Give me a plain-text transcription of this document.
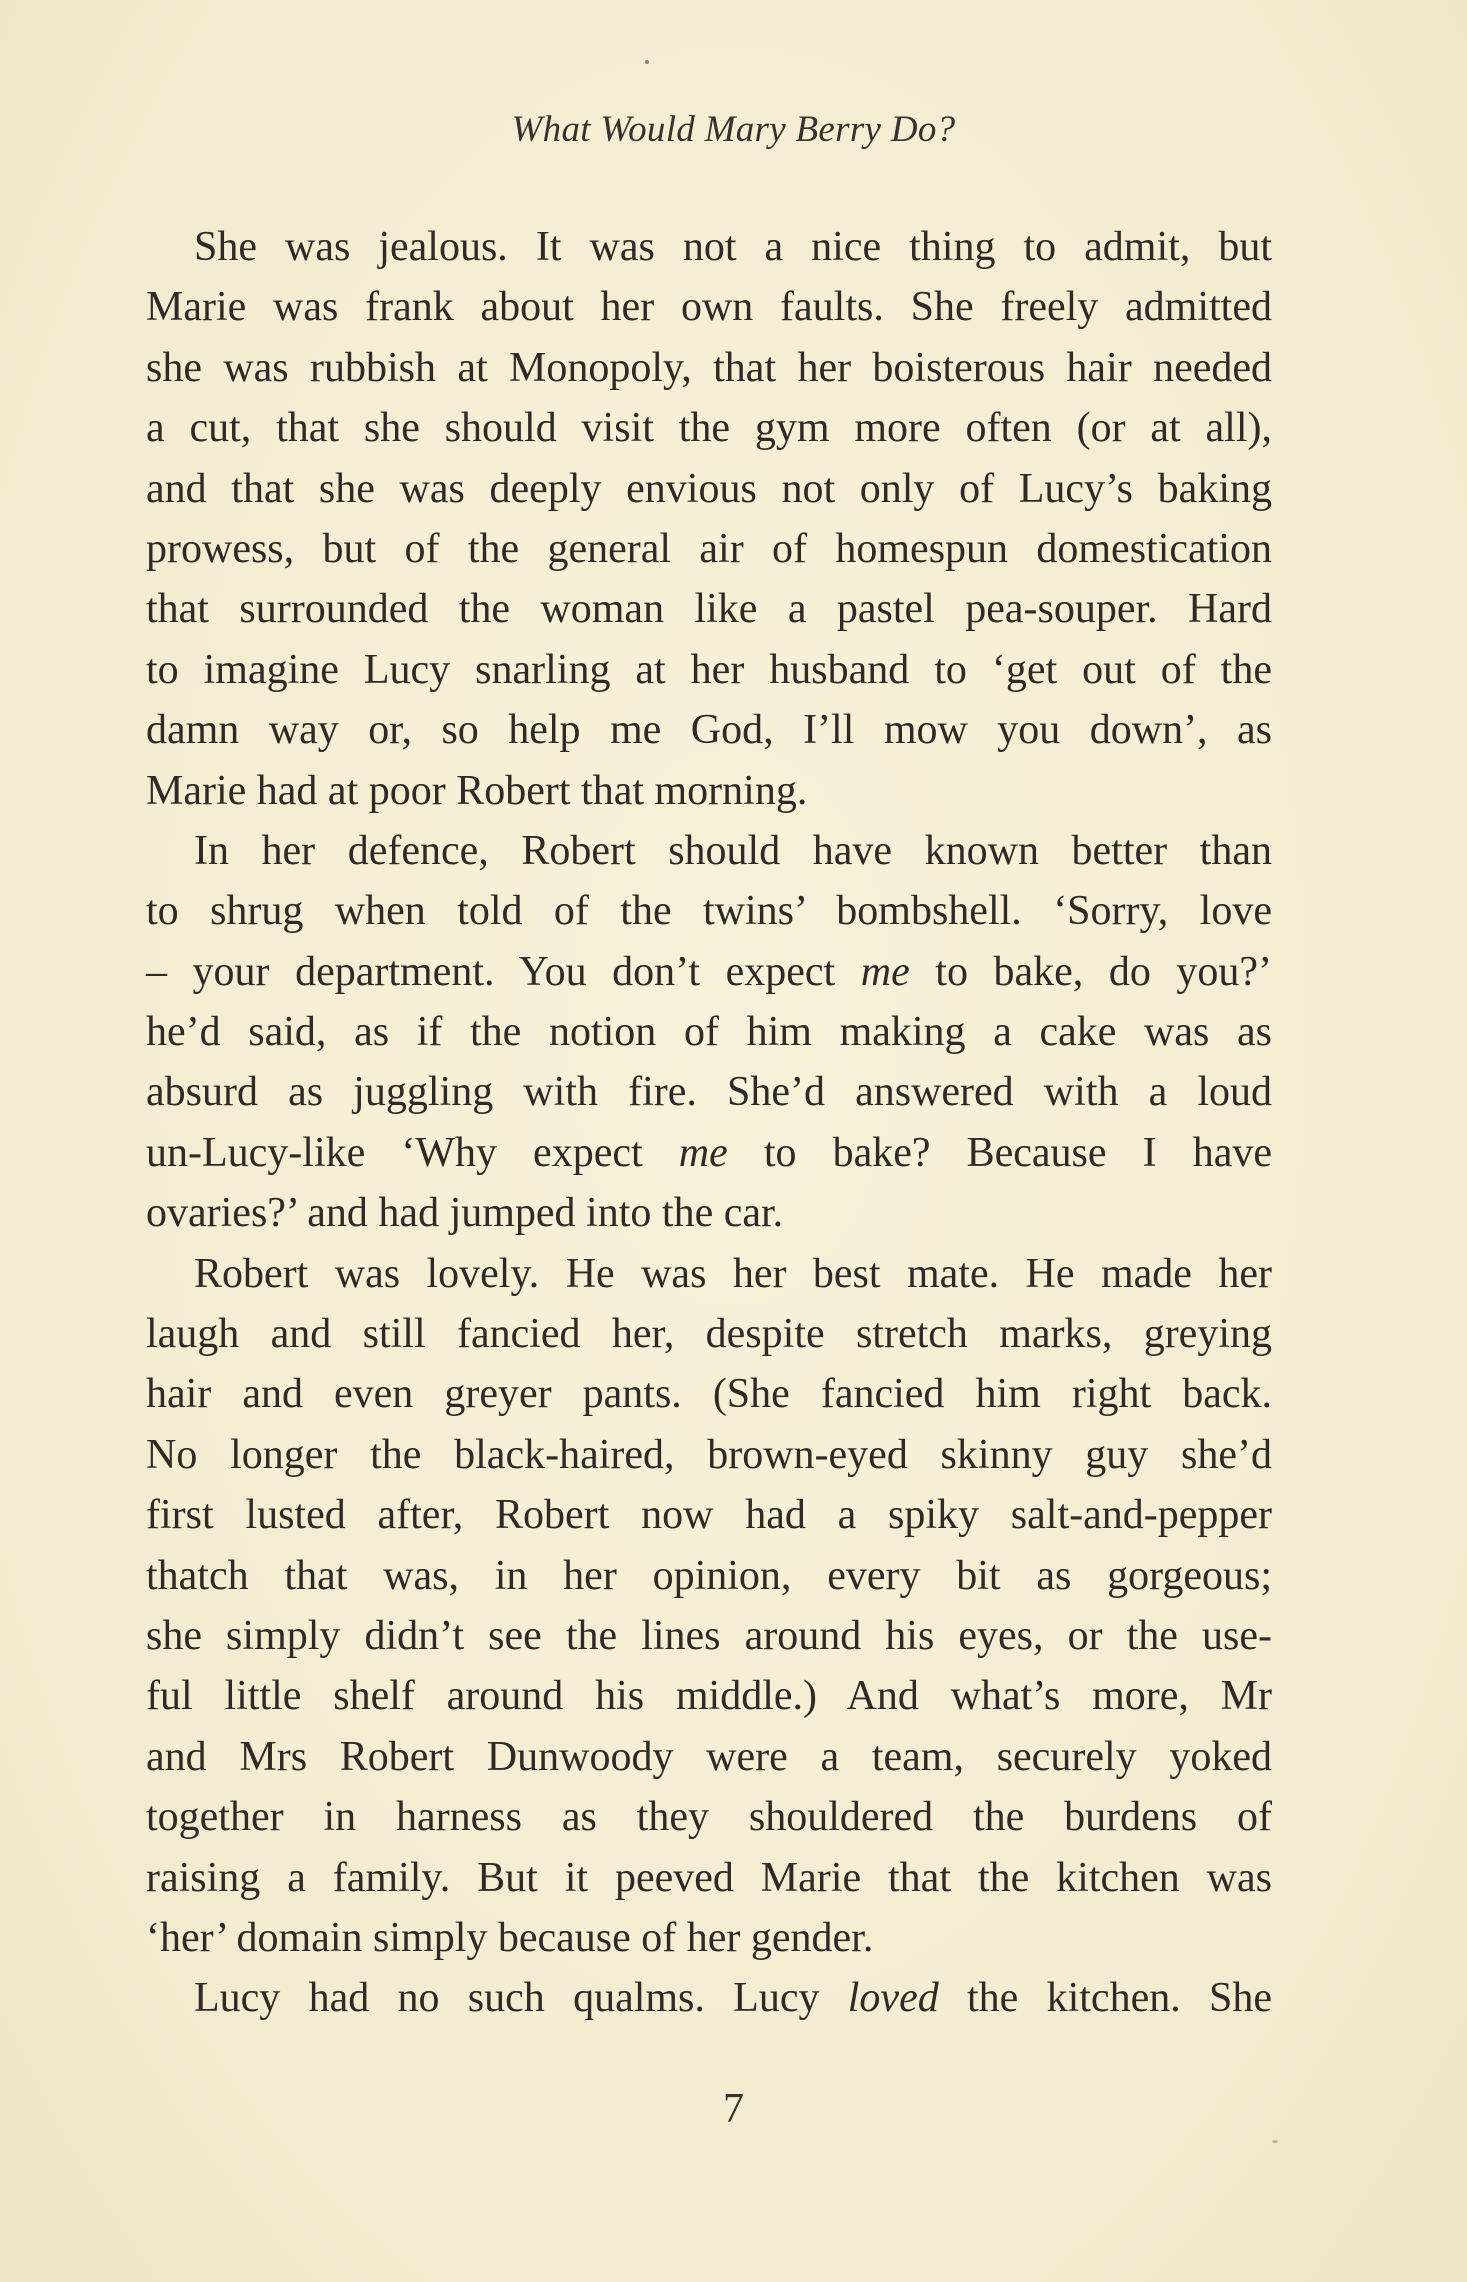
What Would Mary Berry Do?
She was jealous. It was not a nice thing to admit, but
Marie was frank about her own faults. She freely admitted
she was rubbish at Monopoly, that her boisterous hair needed
a cut, that she should visit the gym more often (or at all),
and that she was deeply envious not only of Lucy’s baking
prowess, but of the general air of homespun domestication
that surrounded the woman like a pastel pea-souper. Hard
to imagine Lucy snarling at her husband to ‘get out of the
damn way or, so help me God, I’ll mow you down’, as
Marie had at poor Robert that morning.
In her defence, Robert should have known better than
to shrug when told of the twins’ bombshell. ‘Sorry, love
– your department. You don’t expect me to bake, do you?’
he’d said, as if the notion of him making a cake was as
absurd as juggling with fire. She’d answered with a loud
un-Lucy-like ‘Why expect me to bake? Because I have
ovaries?’ and had jumped into the car.
Robert was lovely. He was her best mate. He made her
laugh and still fancied her, despite stretch marks, greying
hair and even greyer pants. (She fancied him right back.
No longer the black-haired, brown-eyed skinny guy she’d
first lusted after, Robert now had a spiky salt-and-pepper
thatch that was, in her opinion, every bit as gorgeous;
she simply didn’t see the lines around his eyes, or the use-
ful little shelf around his middle.) And what’s more, Mr
and Mrs Robert Dunwoody were a team, securely yoked
together in harness as they shouldered the burdens of
raising a family. But it peeved Marie that the kitchen was
‘her’ domain simply because of her gender.
Lucy had no such qualms. Lucy loved the kitchen. She
7
